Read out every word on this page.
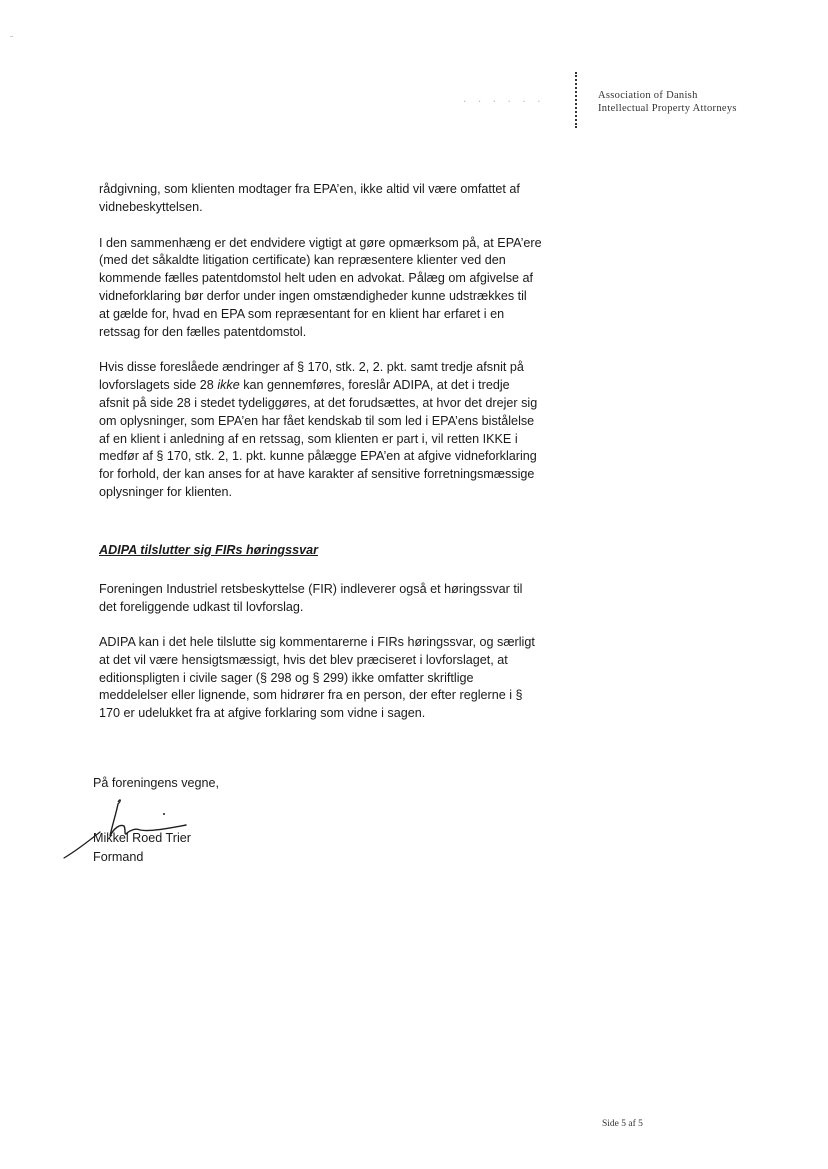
. . . . . .	Association of Danish
Intellectual Property Attorneys

rådgivning, som klienten modtager fra EPA’en, ikke altid vil være omfattet af
vidnebeskyttelsen.

I den sammenhæng er det endvidere vigtigt at gøre opmærksom på, at EPA’ere
(med det såkaldte litigation certificate) kan repræsentere klienter ved den
kommende fælles patentdomstol helt uden en advokat. Pålæg om afgivelse af
vidneforklaring bør derfor under ingen omstændigheder kunne udstrækkes til
at gælde for, hvad en EPA som repræsentant for en klient har erfaret i en
retssag for den fælles patentdomstol.

Hvis disse foreslåede ændringer af § 170, stk. 2, 2. pkt. samt tredje afsnit på
lovforslagets side 28 ikke kan gennemføres, foreslår ADIPA, at det i tredje
afsnit på side 28 i stedet tydeliggøres, at det forudsættes, at hvor det drejer sig
om oplysninger, som EPA’en har fået kendskab til som led i EPA’ens bistålelse
af en klient i anledning af en retssag, som klienten er part i, vil retten IKKE i
medfør af § 170, stk. 2, 1. pkt. kunne pålægge EPA’en at afgive vidneforklaring
for forhold, der kan anses for at have karakter af sensitive forretningsmæssige
oplysninger for klienten.

ADIPA tilslutter sig FIRs høringssvar
Foreningen Industriel retsbeskyttelse (FIR) indleverer også et høringssvar til
det foreliggende udkast til lovforslag.
ADIPA kan i det hele tilslutte sig kommentarerne i FIRs høringssvar, og særligt
at det vil være hensigtsmæssigt, hvis det blev præciseret i lovforslaget, at
editionspligten i civile sager (§ 298 og § 299) ikke omfatter skriftlige
meddelelser eller lignende, som hidrører fra en person, der efter reglerne i §
170 er udelukket fra at afgive forklaring som vidne i sagen.
På foreningens vegne,
Mikkel Roed Trier
Formand
Side 5 af 5
